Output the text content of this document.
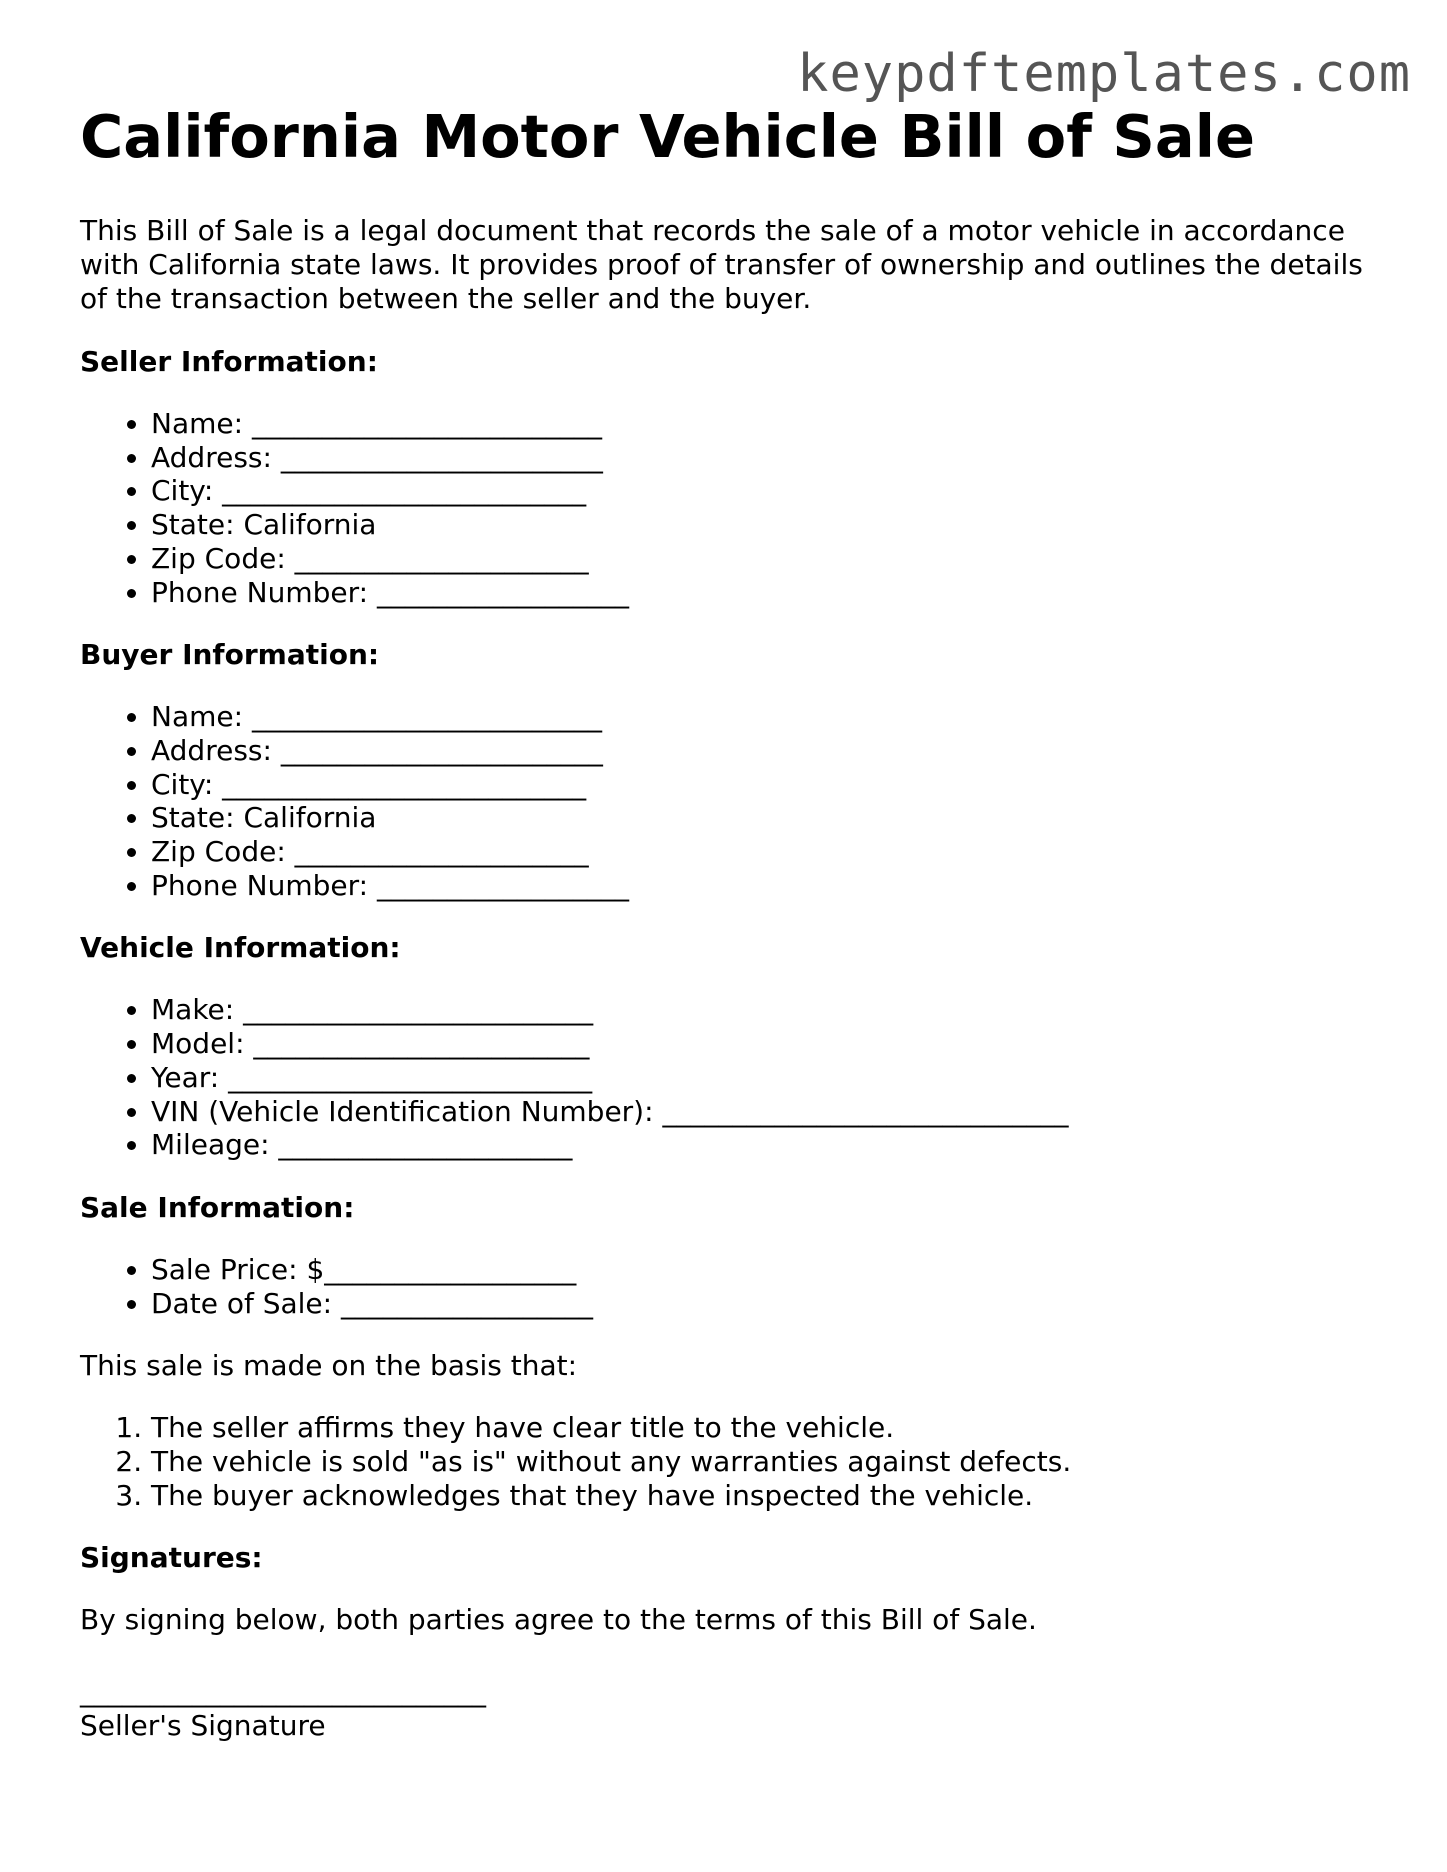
keypdftemplates.com
California Motor Vehicle Bill of Sale

This Bill of Sale is a legal document that records the sale of a motor vehicle in accordance with California state laws. It provides proof of transfer of ownership and outlines the details of the transaction between the seller and the buyer.

Seller Information:
• Name: _________________________
• Address: _______________________
• City: __________________________
• State: California
• Zip Code: _____________________
• Phone Number: __________________
Buyer Information:
• Name: _________________________
• Address: _______________________
• City: __________________________
• State: California
• Zip Code: _____________________
• Phone Number: __________________
Vehicle Information:
• Make: _________________________
• Model: ________________________
• Year: __________________________
• VIN (Vehicle Identification Number): _____________________________
• Mileage: _____________________
Sale Information:
• Sale Price: $__________________
• Date of Sale: __________________

This sale is made on the basis that:

1. The seller affirms they have clear title to the vehicle.
2. The vehicle is sold "as is" without any warranties against defects.
3. The buyer acknowledges that they have inspected the vehicle.
Signatures:

By signing below, both parties agree to the terms of this Bill of Sale.

_____________________________
Seller's Signature
